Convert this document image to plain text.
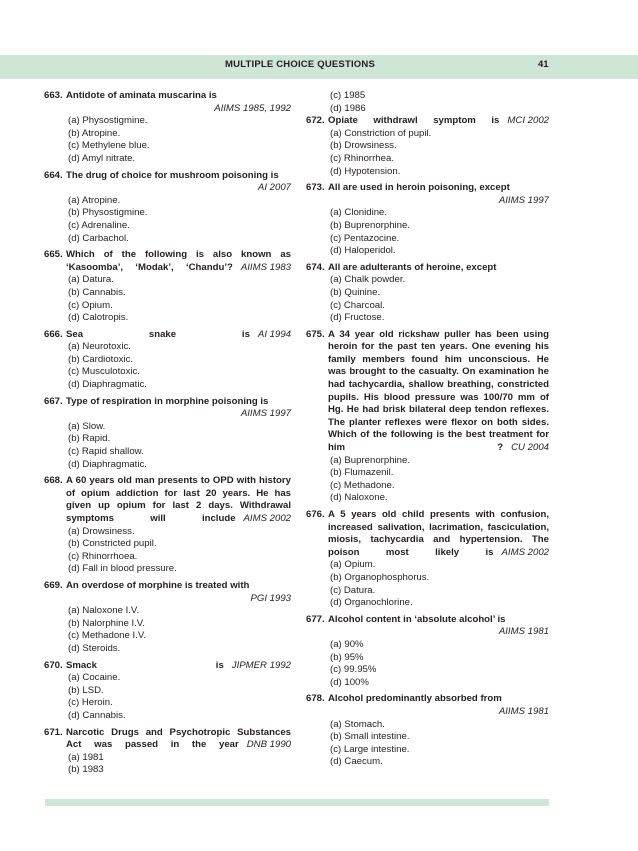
MULTIPLE CHOICE QUESTIONS	41
663. Antidote of aminata muscarina is
AIIMS 1985, 1992
(a) Physostigmine.
(b) Atropine.
(c) Methylene blue.
(d) Amyl nitrate.
664. The drug of choice for mushroom poisoning is
AI 2007
(a) Atropine.
(b) Physostigmine.
(c) Adrenaline.
(d) Carbachol.
665. Which of the following is also known as ‘Kasoomba’, ‘Modak’, ‘Chandu’? AIIMS 1983
(a) Datura.
(b) Cannabis.
(c) Opium.
(d) Calotropis.
666. Sea snake is AI 1994
(a) Neurotoxic.
(b) Cardiotoxic.
(c) Musculotoxic.
(d) Diaphragmatic.
667. Type of respiration in morphine poisoning is
AIIMS 1997
(a) Slow.
(b) Rapid.
(c) Rapid shallow.
(d) Diaphragmatic.
668. A 60 years old man presents to OPD with history of opium addiction for last 20 years. He has given up opium for last 2 days. Withdrawal symptoms will include AIMS 2002
(a) Drowsiness.
(b) Constricted pupil.
(c) Rhinorrhoea.
(d) Fall in blood pressure.
669. An overdose of morphine is treated with
PGI 1993
(a) Naloxone I.V.
(b) Nalorphine I.V.
(c) Methadone I.V.
(d) Steroids.
670. Smack is JIPMER 1992
(a) Cocaine.
(b) LSD.
(c) Heroin.
(d) Cannabis.
671. Narcotic Drugs and Psychotropic Substances Act was passed in the year DNB 1990
(a) 1981
(b) 1983
(c) 1985
(d) 1986
672. Opiate withdrawl symptom is MCI 2002
(a) Constriction of pupil.
(b) Drowsiness.
(c) Rhinorrhea.
(d) Hypotension.
673. All are used in heroin poisoning, except
AIIMS 1997
(a) Clonidine.
(b) Buprenorphine.
(c) Pentazocine.
(d) Haloperidol.
674. All are adulterants of heroine, except
(a) Chalk powder.
(b) Quinine.
(c) Charcoal.
(d) Fructose.
675. A 34 year old rickshaw puller has been using heroin for the past ten years. One evening his family members found him unconscious. He was brought to the casualty. On examination he had tachycardia, shallow breathing, constricted pupils. His blood pressure was 100/70 mm of Hg. He had brisk bilateral deep tendon reflexes. The planter reflexes were flexor on both sides. Which of the following is the best treatment for him ? CU 2004
(a) Buprenorphine.
(b) Flumazenil.
(c) Methadone.
(d) Naloxone.
676. A 5 years old child presents with confusion, increased salivation, lacrimation, fasciculation, miosis, tachycardia and hypertension. The poison most likely is AIMS 2002
(a) Opium.
(b) Organophosphorus.
(c) Datura.
(d) Organochlorine.
677. Alcohol content in ‘absolute alcohol’ is
AIIMS 1981
(a) 90%
(b) 95%
(c) 99.95%
(d) 100%
678. Alcohol predominantly absorbed from
AIIMS 1981
(a) Stomach.
(b) Small intestine.
(c) Large intestine.
(d) Caecum.
